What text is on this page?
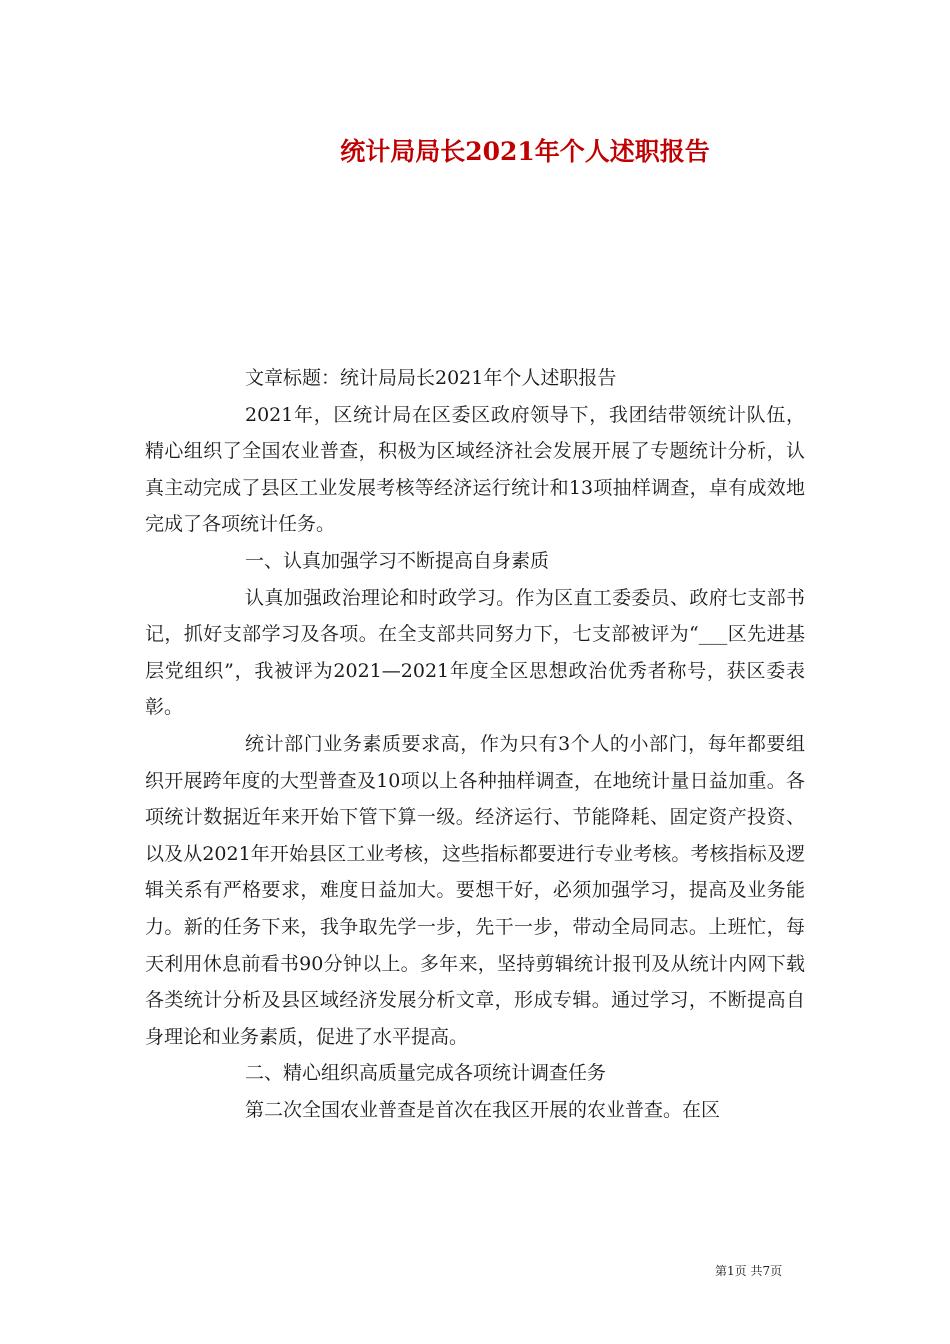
统计局局长2021年个人述职报告

文章标题：统计局局长2021年个人述职报告

2021年，区统计局在区委区政府领导下，我团结带领统计队伍，精心组织了全国农业普查，积极为区域经济社会发展开展了专题统计分析，认真主动完成了县区工业发展考核等经济运行统计和13项抽样调查，卓有成效地完成了各项统计任务。

一、认真加强学习不断提高自身素质

认真加强政治理论和时政学习。作为区直工委委员、政府七支部书记，抓好支部学习及各项。在全支部共同努力下，七支部被评为“___区先进基层党组织”，我被评为2021—2021年度全区思想政治优秀者称号，获区委表彰。

统计部门业务素质要求高，作为只有3个人的小部门，每年都要组织开展跨年度的大型普查及10项以上各种抽样调查，在地统计量日益加重。各项统计数据近年来开始下管下算一级。经济运行、节能降耗、固定资产投资、以及从2021年开始县区工业考核，这些指标都要进行专业考核。考核指标及逻辑关系有严格要求，难度日益加大。要想干好，必须加强学习，提高及业务能力。新的任务下来，我争取先学一步，先干一步，带动全局同志。上班忙，每天利用休息前看书90分钟以上。多年来，坚持剪辑统计报刊及从统计内网下载各类统计分析及县区域经济发展分析文章，形成专辑。通过学习，不断提高自身理论和业务素质，促进了水平提高。

二、精心组织高质量完成各项统计调查任务

第二次全国农业普查是首次在我区开展的农业普查。在区

第1页 共7页
